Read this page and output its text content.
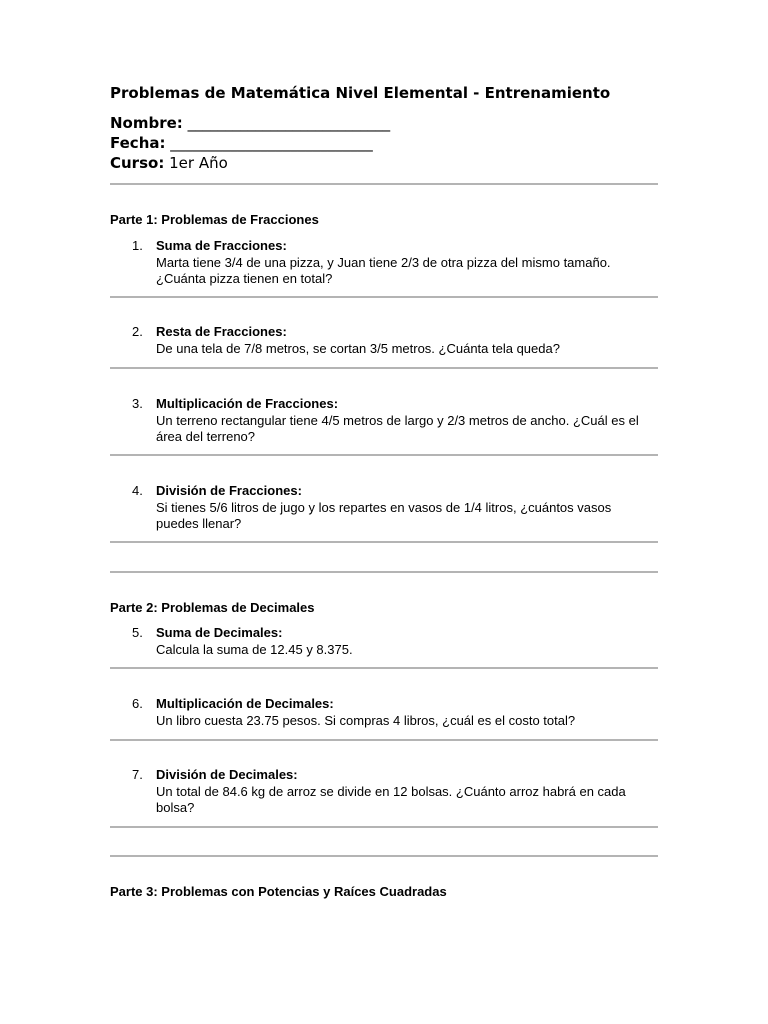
Problemas de Matemática Nivel Elemental - Entrenamiento
Nombre: ___________________________
Fecha: ___________________________
Curso: 1er Año
Parte 1: Problemas de Fracciones
1.	Suma de Fracciones:
Marta tiene 3/4 de una pizza, y Juan tiene 2/3 de otra pizza del mismo tamaño. ¿Cuánta pizza tienen en total?
2.	Resta de Fracciones:
De una tela de 7/8 metros, se cortan 3/5 metros. ¿Cuánta tela queda?
3.	Multiplicación de Fracciones:
Un terreno rectangular tiene 4/5 metros de largo y 2/3 metros de ancho. ¿Cuál es el área del terreno?
4.	División de Fracciones:
Si tienes 5/6 litros de jugo y los repartes en vasos de 1/4 litros, ¿cuántos vasos puedes llenar?
Parte 2: Problemas de Decimales
5.	Suma de Decimales:
Calcula la suma de 12.45 y 8.375.
6.	Multiplicación de Decimales:
Un libro cuesta 23.75 pesos. Si compras 4 libros, ¿cuál es el costo total?
7.	División de Decimales:
Un total de 84.6 kg de arroz se divide en 12 bolsas. ¿Cuánto arroz habrá en cada bolsa?
Parte 3: Problemas con Potencias y Raíces Cuadradas
